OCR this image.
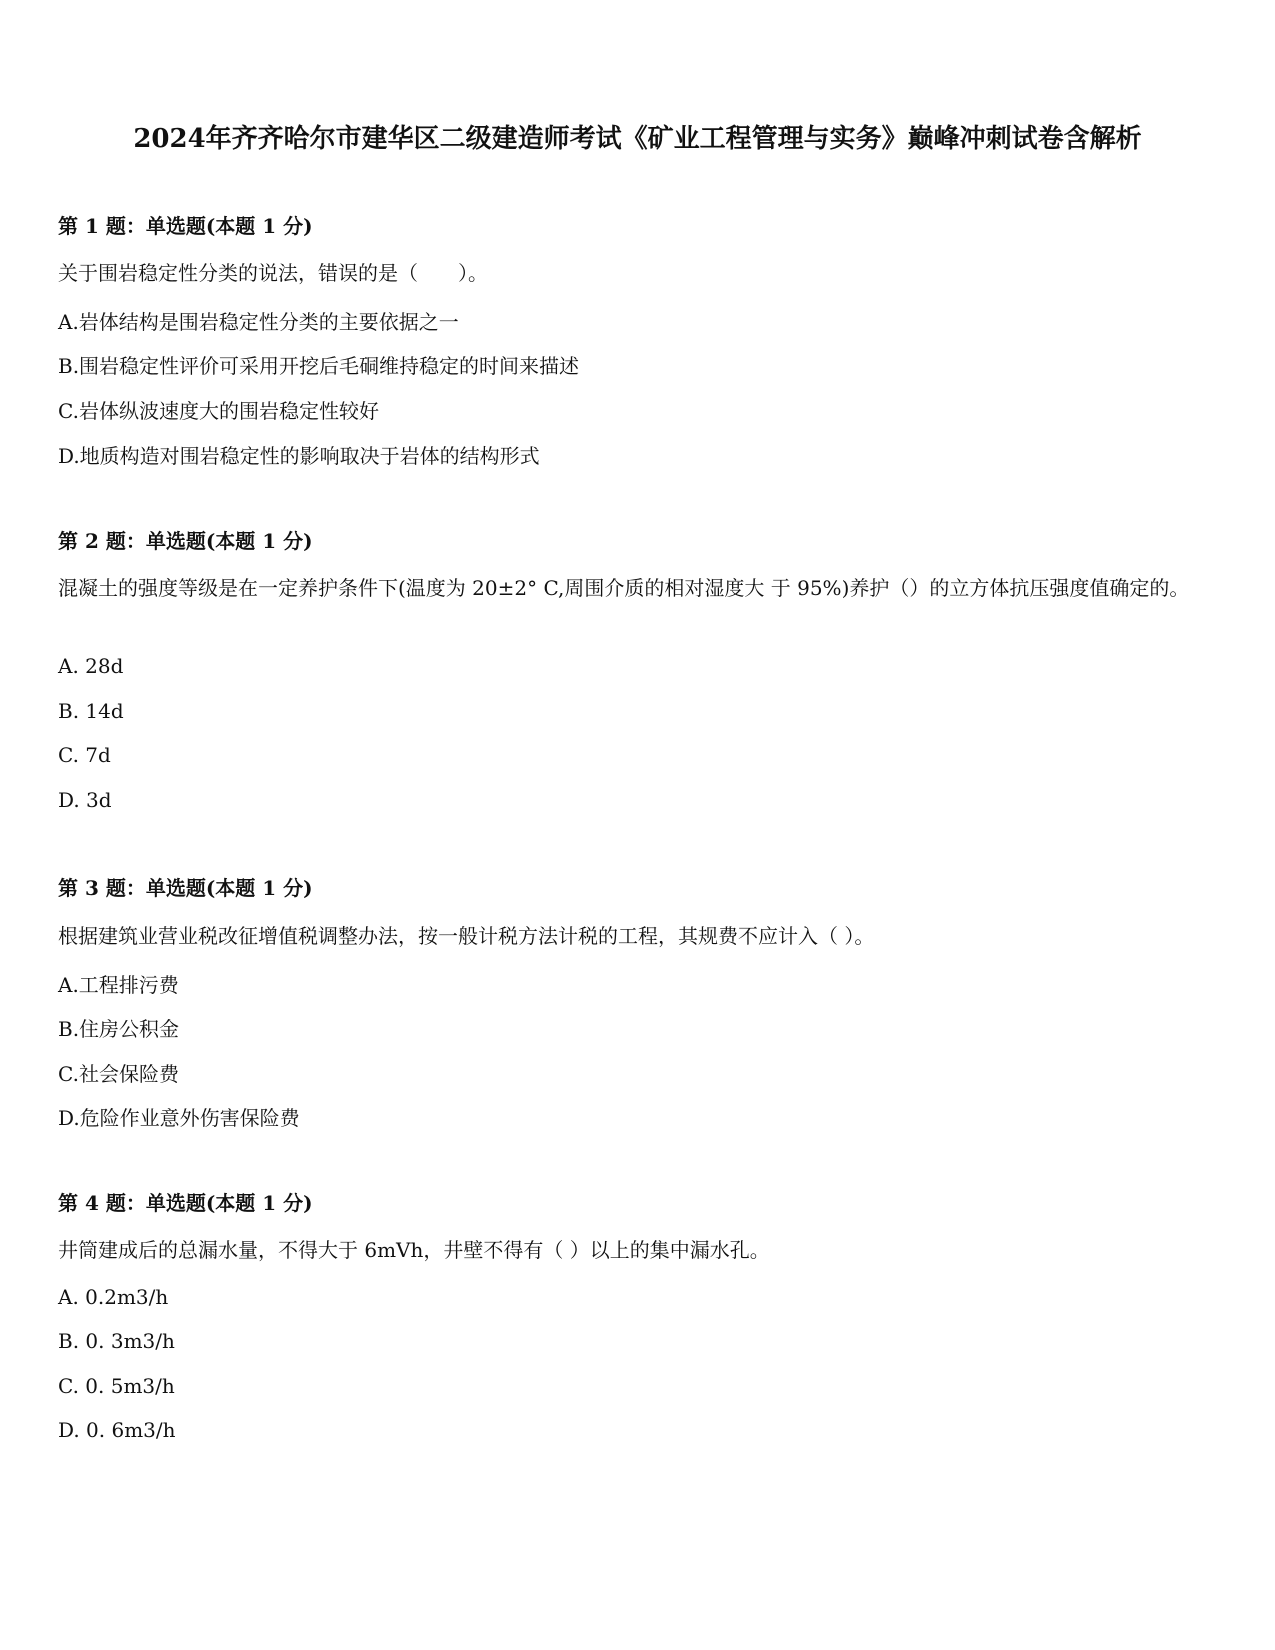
2024年齐齐哈尔市建华区二级建造师考试《矿业工程管理与实务》巅峰冲刺试卷含解析
第 1 题：单选题(本题 1 分)
关于围岩稳定性分类的说法，错误的是（　　）。
A.岩体结构是围岩稳定性分类的主要依据之一
B.围岩稳定性评价可采用开挖后毛硐维持稳定的时间来描述
C.岩体纵波速度大的围岩稳定性较好
D.地质构造对围岩稳定性的影响取决于岩体的结构形式
第 2 题：单选题(本题 1 分)
混凝土的强度等级是在一定养护条件下(温度为 20±2° C,周围介质的相对湿度大 于 95%)养护（）的立方体抗压强度值确定的。
A. 28d
B. 14d
C. 7d
D. 3d
第 3 题：单选题(本题 1 分)
根据建筑业营业税改征增值税调整办法，按一般计税方法计税的工程，其规费不应计入（ ）。
A.工程排污费
B.住房公积金
C.社会保险费
D.危险作业意外伤害保险费
第 4 题：单选题(本题 1 分)
井筒建成后的总漏水量，不得大于 6mVh，井壁不得有（ ）以上的集中漏水孔。
A. 0.2m3/h
B. 0. 3m3/h
C. 0. 5m3/h
D. 0. 6m3/h
